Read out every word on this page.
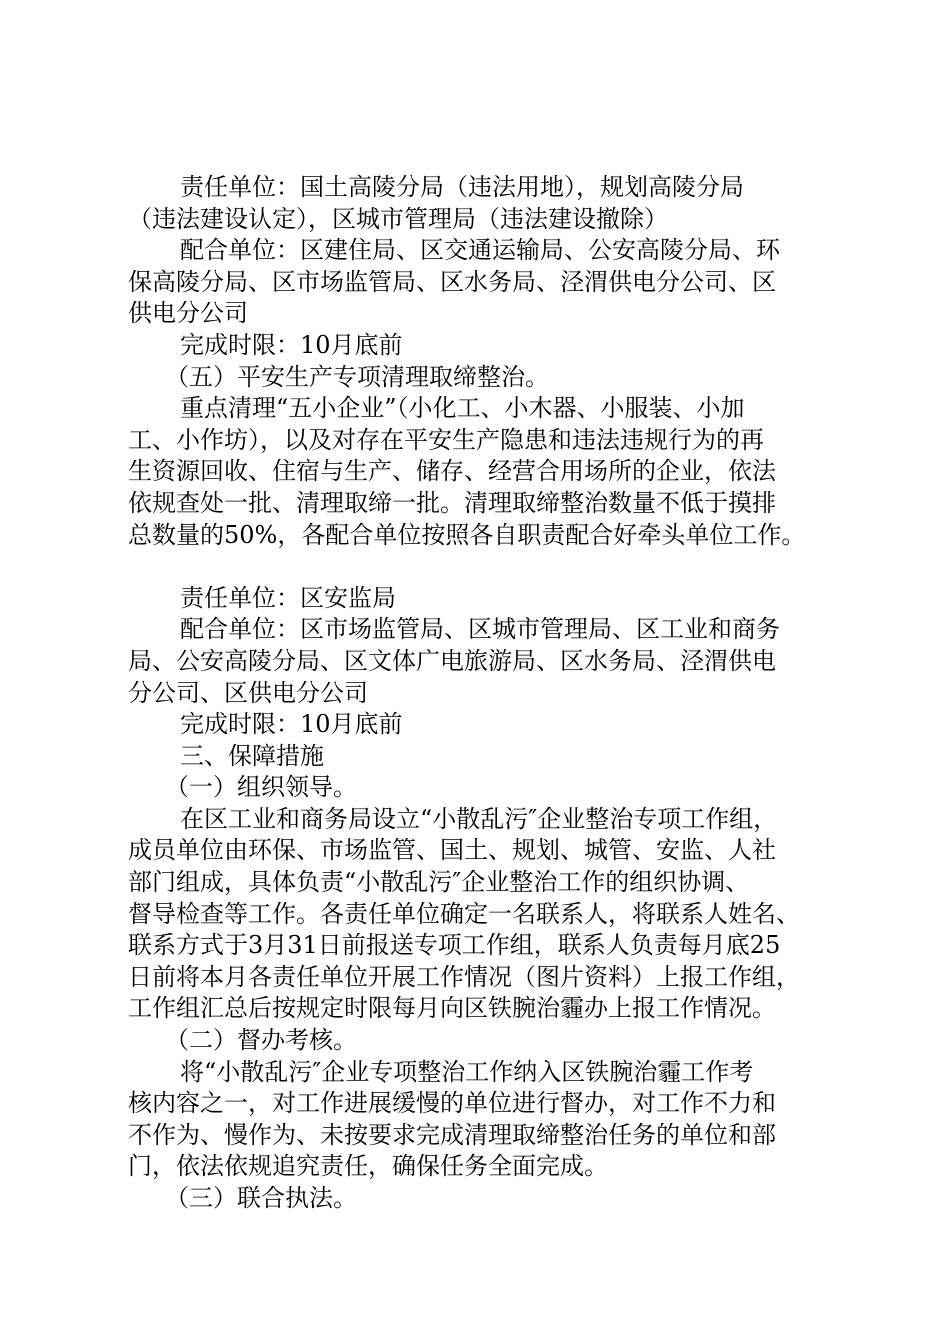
责任单位：国土高陵分局（违法用地），规划高陵分局
（违法建设认定），区城市管理局（违法建设撤除）
配合单位：区建住局、区交通运输局、公安高陵分局、环
保高陵分局、区市场监管局、区水务局、泾渭供电分公司、区
供电分公司
完成时限：10月底前
（五）平安生产专项清理取缔整治。
重点清理“五小企业”（小化工、小木器、小服装、小加
工、小作坊），以及对存在平安生产隐患和违法违规行为的再
生资源回收、住宿与生产、储存、经营合用场所的企业，依法
依规查处一批、清理取缔一批。清理取缔整治数量不低于摸排
总数量的50%，各配合单位按照各自职责配合好牵头单位工作。
责任单位：区安监局
配合单位：区市场监管局、区城市管理局、区工业和商务
局、公安高陵分局、区文体广电旅游局、区水务局、泾渭供电
分公司、区供电分公司
完成时限：10月底前
三、保障措施
（一）组织领导。
在区工业和商务局设立“小散乱污″企业整治专项工作组，
成员单位由环保、市场监管、国土、规划、城管、安监、人社
部门组成，具体负责“小散乱污″企业整治工作的组织协调、
督导检查等工作。各责任单位确定一名联系人，将联系人姓名、
联系方式于3月31日前报送专项工作组，联系人负责每月底25
日前将本月各责任单位开展工作情况（图片资料）上报工作组，
工作组汇总后按规定时限每月向区铁腕治霾办上报工作情况。
（二）督办考核。
将“小散乱污″企业专项整治工作纳入区铁腕治霾工作考
核内容之一，对工作进展缓慢的单位进行督办，对工作不力和
不作为、慢作为、未按要求完成清理取缔整治任务的单位和部
门，依法依规追究责任，确保任务全面完成。
（三）联合执法。
